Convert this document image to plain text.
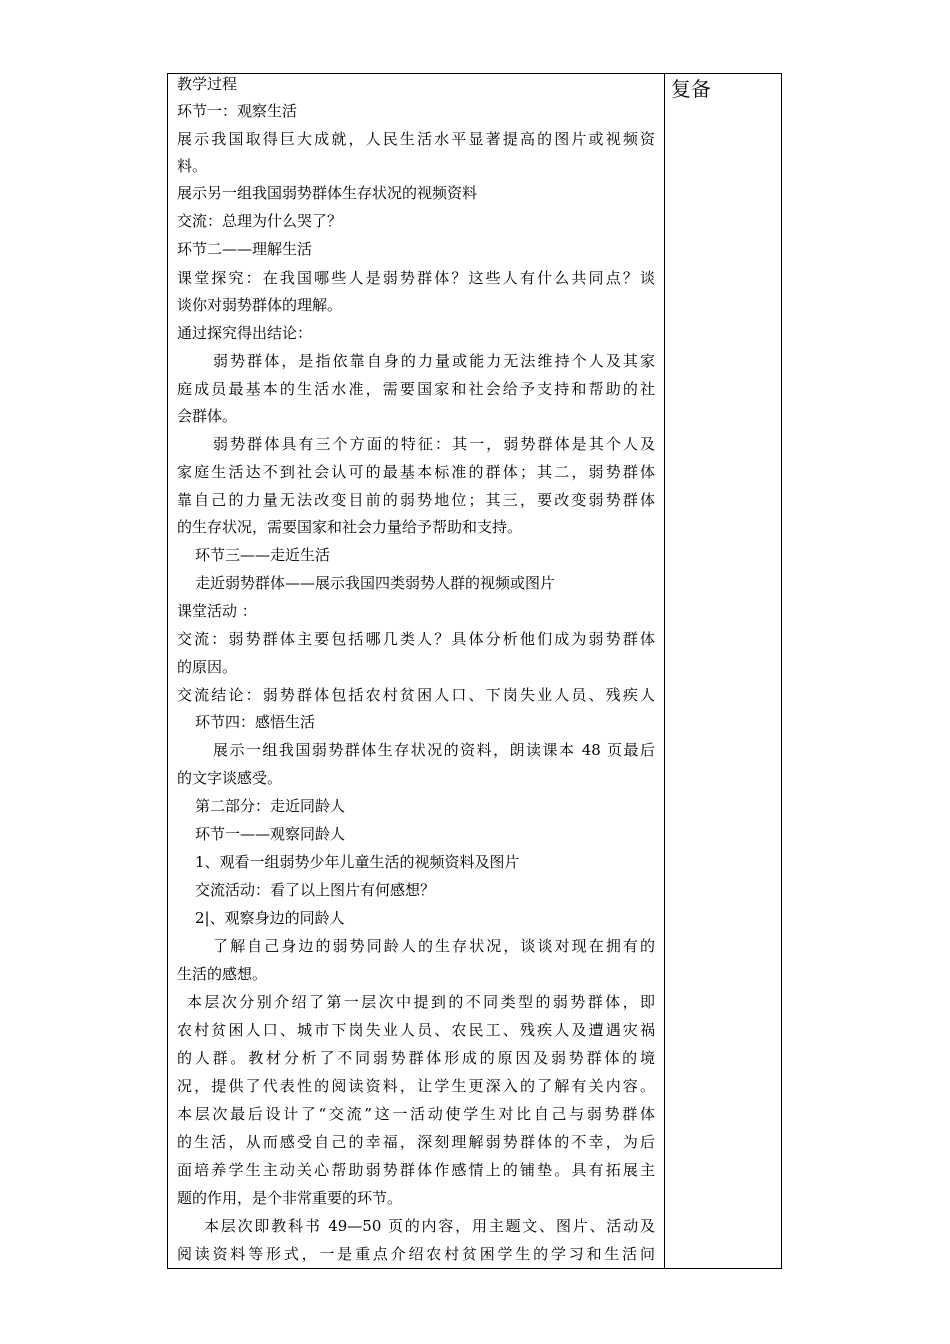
教学过程
环节一：观察生活
展示我国取得巨大成就，人民生活水平显著提高的图片或视频资
料。
展示另一组我国弱势群体生存状况的视频资料
交流：总理为什么哭了？
环节二——理解生活
课堂探究：在我国哪些人是弱势群体？这些人有什么共同点？谈
谈你对弱势群体的理解。
通过探究得出结论：
弱势群体，是指依靠自身的力量或能力无法维持个人及其家
庭成员最基本的生活水准，需要国家和社会给予支持和帮助的社
会群体。
弱势群体具有三个方面的特征：其一，弱势群体是其个人及
家庭生活达不到社会认可的最基本标准的群体；其二，弱势群体
靠自己的力量无法改变目前的弱势地位；其三，要改变弱势群体
的生存状况，需要国家和社会力量给予帮助和支持。
环节三——走近生活
走近弱势群体——展示我国四类弱势人群的视频或图片
课堂活动 ：
交流：弱势群体主要包括哪几类人？具体分析他们成为弱势群体
的原因。
交流结论：弱势群体包括农村贫困人口、下岗失业人员、残疾人
环节四：感悟生活
展示一组我国弱势群体生存状况的资料，朗读课本 48 页最后
的文字谈感受。
第二部分：走近同龄人
环节一——观察同龄人
1、观看一组弱势少年儿童生活的视频资料及图片
交流活动：看了以上图片有何感想？
2|、观察身边的同龄人
了解自己身边的弱势同龄人的生存状况，谈谈对现在拥有的
生活的感想。
本层次分别介绍了第一层次中提到的不同类型的弱势群体，即
农村贫困人口、城市下岗失业人员、农民工、残疾人及遭遇灾祸
的人群。教材分析了不同弱势群体形成的原因及弱势群体的境
况，提供了代表性的阅读资料，让学生更深入的了解有关内容。
本层次最后设计了“交流”这一活动使学生对比自己与弱势群体
的生活，从而感受自己的幸福，深刻理解弱势群体的不幸，为后
面培养学生主动关心帮助弱势群体作感情上的铺垫。具有拓展主
题的作用，是个非常重要的环节。
本层次即教科书 49—50 页的内容，用主题文、图片、活动及
阅读资料等形式，一是重点介绍农村贫困学生的学习和生活问
复备
